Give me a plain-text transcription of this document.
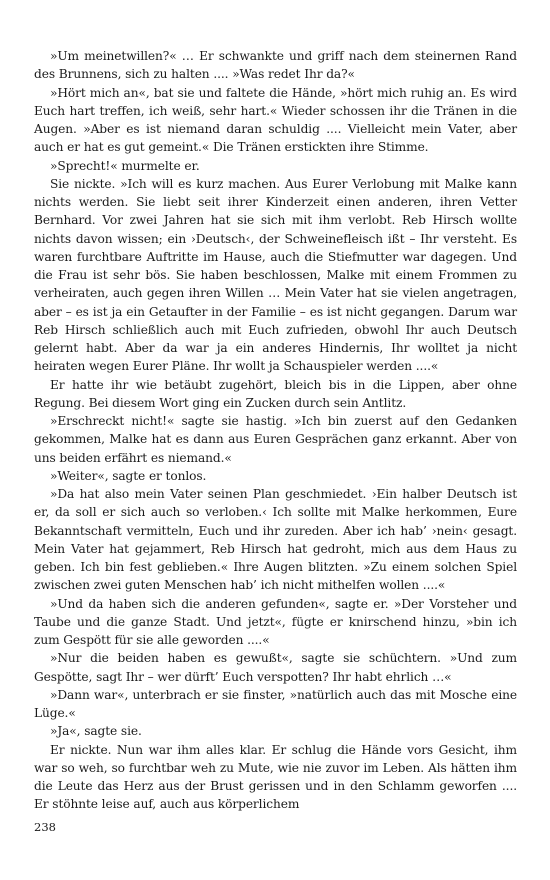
»Um meinetwillen?« … Er schwankte und griff nach dem steinernen Rand des Brunnens, sich zu halten .... »Was redet Ihr da?«

»Hört mich an«, bat sie und faltete die Hände, »hört mich ruhig an. Es wird Euch hart treffen, ich weiß, sehr hart.« Wieder schossen ihr die Tränen in die Augen. »Aber es ist niemand daran schuldig .... Vielleicht mein Vater, aber auch er hat es gut gemeint.« Die Tränen erstickten ihre Stimme.

»Sprecht!« murmelte er.

Sie nickte. »Ich will es kurz machen. Aus Eurer Verlobung mit Malke kann nichts werden. Sie liebt seit ihrer Kinderzeit einen anderen, ihren Vetter Bernhard. Vor zwei Jahren hat sie sich mit ihm verlobt. Reb Hirsch wollte nichts davon wissen; ein ›Deutsch‹, der Schweinefleisch ißt – Ihr versteht. Es waren furchtbare Auftritte im Hause, auch die Stiefmutter war dagegen. Und die Frau ist sehr bös. Sie haben beschlossen, Malke mit einem Frommen zu verheiraten, auch gegen ihren Willen … Mein Vater hat sie vielen angetragen, aber – es ist ja ein Getaufter in der Familie – es ist nicht gegangen. Darum war Reb Hirsch schließlich auch mit Euch zufrieden, obwohl Ihr auch Deutsch gelernt habt. Aber da war ja ein anderes Hindernis, Ihr wolltet ja nicht heiraten wegen Eurer Pläne. Ihr wollt ja Schauspieler werden ....«

Er hatte ihr wie betäubt zugehört, bleich bis in die Lippen, aber ohne Regung. Bei diesem Wort ging ein Zucken durch sein Antlitz.

»Erschreckt nicht!« sagte sie hastig. »Ich bin zuerst auf den Gedanken gekommen, Malke hat es dann aus Euren Gesprächen ganz erkannt. Aber von uns beiden erfährt es niemand.«

»Weiter«, sagte er tonlos.

»Da hat also mein Vater seinen Plan geschmiedet. ›Ein halber Deutsch ist er, da soll er sich auch so verloben.‹ Ich sollte mit Malke herkommen, Eure Bekanntschaft vermitteln, Euch und ihr zureden. Aber ich hab’ ›nein‹ gesagt. Mein Vater hat gejammert, Reb Hirsch hat gedroht, mich aus dem Haus zu geben. Ich bin fest geblieben.« Ihre Augen blitzten. »Zu einem solchen Spiel zwischen zwei guten Menschen hab’ ich nicht mithelfen wollen ....«

»Und da haben sich die anderen gefunden«, sagte er. »Der Vorsteher und Taube und die ganze Stadt. Und jetzt«, fügte er knirschend hinzu, »bin ich zum Gespött für sie alle geworden ....«

»Nur die beiden haben es gewußt«, sagte sie schüchtern. »Und zum Gespötte, sagt Ihr – wer dürft’ Euch verspotten? Ihr habt ehrlich …«

»Dann war«, unterbrach er sie finster, »natürlich auch das mit Mosche eine Lüge.«

»Ja«, sagte sie.

Er nickte. Nun war ihm alles klar. Er schlug die Hände vors Gesicht, ihm war so weh, so furchtbar weh zu Mute, wie nie zuvor im Leben. Als hätten ihm die Leute das Herz aus der Brust gerissen und in den Schlamm geworfen .... Er stöhnte leise auf, auch aus körperlichem

238
